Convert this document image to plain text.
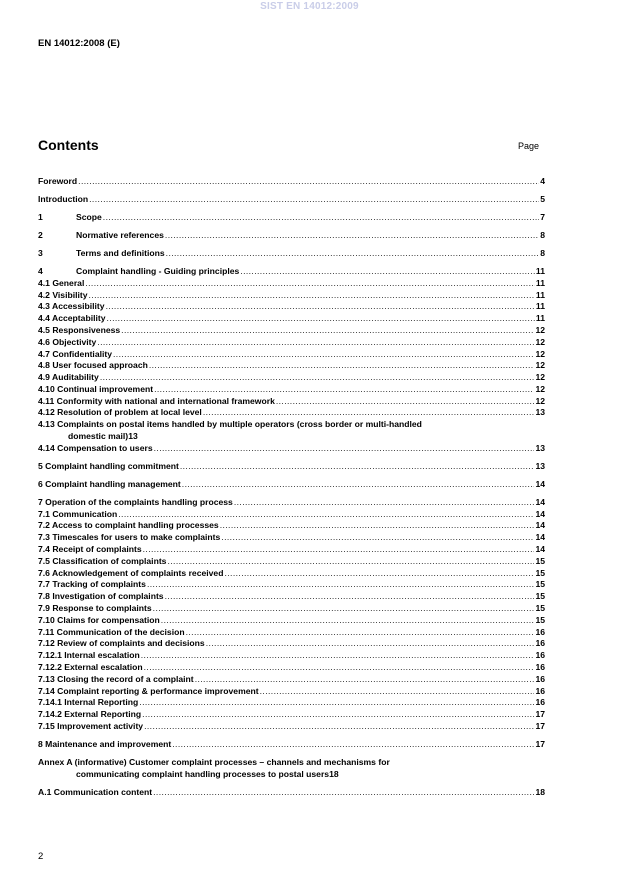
SIST EN 14012:2009
EN 14012:2008 (E)
Contents	Page
Foreword .....	4
Introduction .....	5
1	Scope .....	7
2	Normative references .....	8
3	Terms and definitions .....	8
4	Complaint handling - Guiding principles .....	11
4.1 General .....	11
4.2 Visibility .....	11
4.3 Accessibility .....	11
4.4 Acceptability .....	11
4.5 Responsiveness .....	12
4.6 Objectivity .....	12
4.7 Confidentiality .....	12
4.8 User focused approach .....	12
4.9 Auditability .....	12
4.10 Continual improvement .....	12
4.11 Conformity with national and international framework .....	12
4.12 Resolution of problem at local level .....	13
4.13 Complaints on postal items handled by multiple operators (cross border or multi-handled
domestic mail) 13
4.14 Compensation to users .....	13
5 Complaint handling commitment .....	13
6 Complaint handling management .....	14
7 Operation of the complaints handling process .....	14
7.1 Communication .....	14
7.2 Access to complaint handling processes .....	14
7.3 Timescales for users to make complaints .....	14
7.4 Receipt of complaints .....	14
7.5 Classification of complaints .....	15
7.6 Acknowledgement of complaints received .....	15
7.7 Tracking of complaints .....	15
7.8 Investigation of complaints .....	15
7.9 Response to complaints .....	15
7.10 Claims for compensation .....	15
7.11 Communication of the decision .....	16
7.12 Review of complaints and decisions .....	16
7.12.1 Internal escalation .....	16
7.12.2 External escalation .....	16
7.13 Closing the record of a complaint .....	16
7.14 Complaint reporting & performance improvement .....	16
7.14.1 Internal Reporting .....	16
7.14.2 External Reporting .....	17
7.15 Improvement activity .....	17
8 Maintenance and improvement .....	17
Annex A (informative) Customer complaint processes – channels and mechanisms for
communicating complaint handling processes to postal users 18
A.1 Communication content .....	18
2
